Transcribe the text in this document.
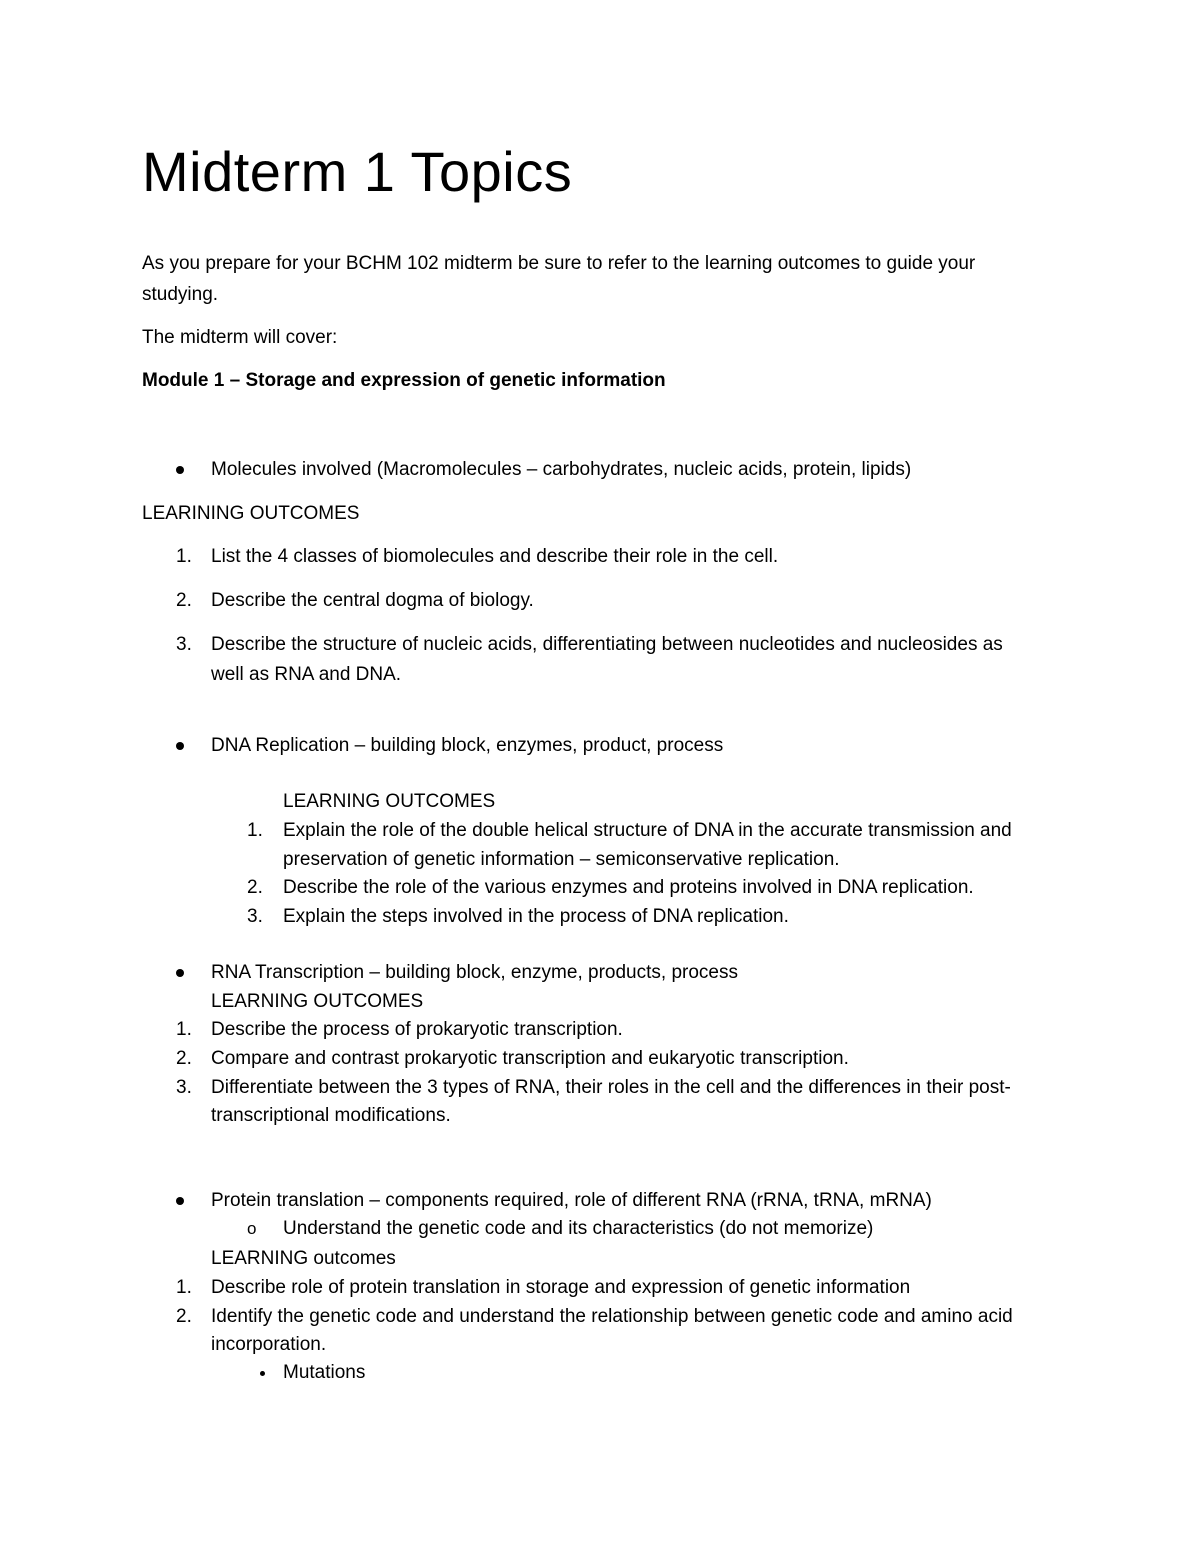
Midterm 1 Topics
As you prepare for your BCHM 102 midterm be sure to refer to the learning outcomes to guide your
studying.
The midterm will cover:
Module 1 – Storage and expression of genetic information
Molecules involved (Macromolecules – carbohydrates, nucleic acids, protein, lipids)
LEARINING OUTCOMES
1. List the 4 classes of biomolecules and describe their role in the cell.
2. Describe the central dogma of biology.
3. Describe the structure of nucleic acids, differentiating between nucleotides and nucleosides as
well as RNA and DNA.
DNA Replication – building block, enzymes, product, process
LEARNING OUTCOMES
1. Explain the role of the double helical structure of DNA in the accurate transmission and
preservation of genetic information – semiconservative replication.
2. Describe the role of the various enzymes and proteins involved in DNA replication.
3. Explain the steps involved in the process of DNA replication.
RNA Transcription – building block, enzyme, products, process
LEARNING OUTCOMES
1. Describe the process of prokaryotic transcription.
2. Compare and contrast prokaryotic transcription and eukaryotic transcription.
3. Differentiate between the 3 types of RNA, their roles in the cell and the differences in their post-
transcriptional modifications.
Protein translation – components required, role of different RNA (rRNA, tRNA, mRNA)
o Understand the genetic code and its characteristics (do not memorize)
LEARNING outcomes
1. Describe role of protein translation in storage and expression of genetic information
2. Identify the genetic code and understand the relationship between genetic code and amino acid
incorporation.
Mutations
